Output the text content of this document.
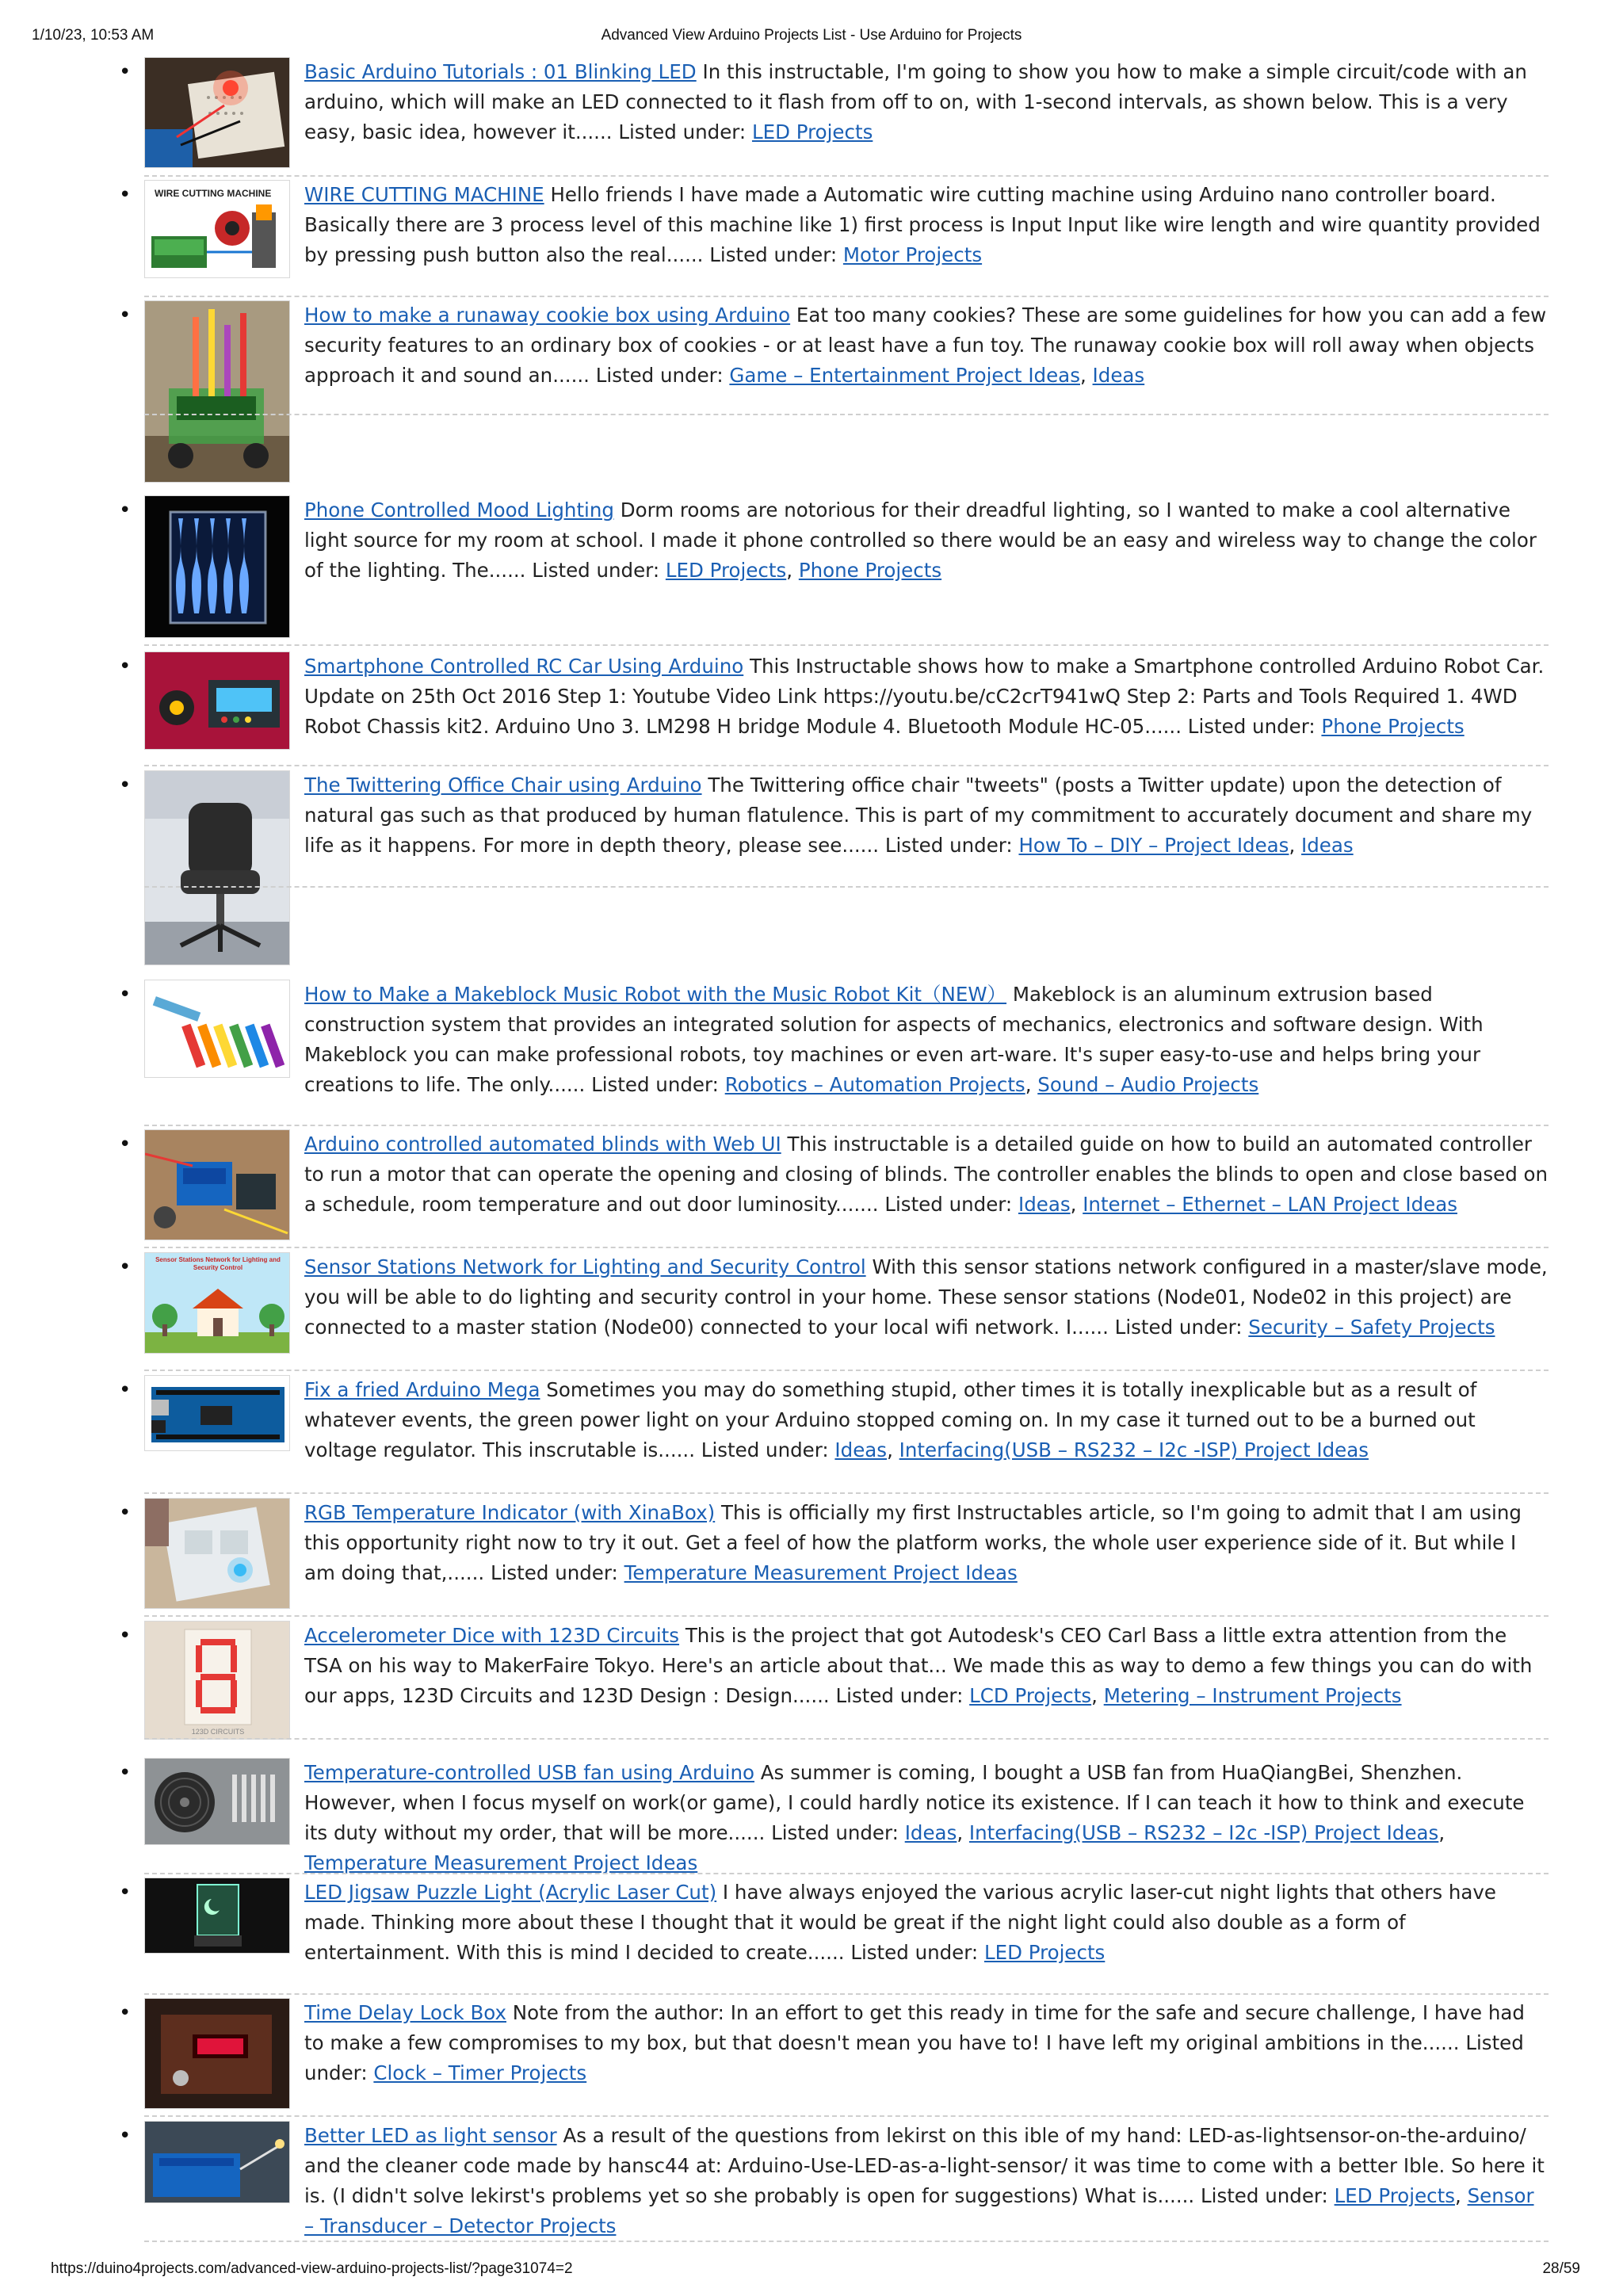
1/10/23, 10:53 AM	Advanced View Arduino Projects List - Use Arduino for Projects
•	Basic Arduino Tutorials : 01 Blinking LED In this instructable, I'm going to show you how to make a simple circuit/code with an arduino, which will make an LED connected to it flash from off to on, with 1-second intervals, as shown below. This is a very easy, basic idea, however it...... Listed under: LED Projects
• WIRE CUTTING MACHINE WIRE CUTTING MACHINE Hello friends I have made a Automatic wire cutting machine using Arduino nano controller board. Basically there are 3 process level of this machine like 1) first process is Input Input like wire length and wire quantity provided by pressing push button also the real...... Listed under: Motor Projects
•	How to make a runaway cookie box using Arduino Eat too many cookies? These are some guidelines for how you can add a few security features to an ordinary box of cookies - or at least have a fun toy. The runaway cookie box will roll away when objects approach it and sound an...... Listed under: Game – Entertainment Project Ideas, Ideas
•	Phone Controlled Mood Lighting Dorm rooms are notorious for their dreadful lighting, so I wanted to make a cool alternative light source for my room at school. I made it phone controlled so there would be an easy and wireless way to change the color of the lighting. The...... Listed under: LED Projects, Phone Projects
•	Smartphone Controlled RC Car Using Arduino This Instructable shows how to make a Smartphone controlled Arduino Robot Car. Update on 25th Oct 2016 Step 1: Youtube Video Link https://youtu.be/cC2crT941wQ Step 2: Parts and Tools Required 1. 4WD Robot Chassis kit2. Arduino Uno 3. LM298 H bridge Module 4. Bluetooth Module HC-05...... Listed under: Phone Projects
•	The Twittering Office Chair using Arduino The Twittering office chair "tweets" (posts a Twitter update) upon the detection of natural gas such as that produced by human flatulence. This is part of my commitment to accurately document and share my life as it happens. For more in depth theory, please see...... Listed under: How To – DIY – Project Ideas, Ideas
•	How to Make a Makeblock Music Robot with the Music Robot Kit（NEW） Makeblock is an aluminum extrusion based construction system that provides an integrated solution for aspects of mechanics, electronics and software design. With Makeblock you can make professional robots, toy machines or even art-ware. It's super easy-to-use and helps bring your creations to life. The only...... Listed under: Robotics – Automation Projects, Sound – Audio Projects
•	Arduino controlled automated blinds with Web UI This instructable is a detailed guide on how to build an automated controller to run a motor that can operate the opening and closing of blinds. The controller enables the blinds to open and close based on a schedule, room temperature and out door luminosity....... Listed under: Ideas, Internet – Ethernet – LAN Project Ideas
•	Sensor Stations Network for Lighting and Security Control	Sensor Stations Network for Lighting and Security Control With this sensor stations network configured in a master/slave mode, you will be able to do lighting and security control in your home. These sensor stations (Node01, Node02 in this project) are connected to a master station (Node00) connected to your local wifi network. I...... Listed under: Security – Safety Projects
•	Fix a fried Arduino Mega Sometimes you may do something stupid, other times it is totally inexplicable but as a result of whatever events, the green power light on your Arduino stopped coming on. In my case it turned out to be a burned out voltage regulator. This inscrutable is...... Listed under: Ideas, Interfacing(USB – RS232 – I2c -ISP) Project Ideas
•	RGB Temperature Indicator (with XinaBox) This is officially my first Instructables article, so I'm going to admit that I am using this opportunity right now to try it out. Get a feel of how the platform works, the whole user experience side of it. But while I am doing that,...... Listed under: Temperature Measurement Project Ideas
•
123D CIRCUITS
Accelerometer Dice with 123D Circuits This is the project that got Autodesk's CEO Carl Bass a little extra attention from the TSA on his way to MakerFaire Tokyo. Here's an article about that... We made this as way to demo a few things you can do with our apps, 123D Circuits and 123D Design : Design...... Listed under: LCD Projects, Metering – Instrument Projects
•	Temperature-controlled USB fan using Arduino As summer is coming, I bought a USB fan from HuaQiangBei, Shenzhen. However, when I focus myself on work(or game), I could hardly notice its existence. If I can teach it how to think and execute its duty without my order, that will be more...... Listed under: Ideas, Interfacing(USB – RS232 – I2c -ISP) Project Ideas, Temperature Measurement Project Ideas
•	LED Jigsaw Puzzle Light (Acrylic Laser Cut) I have always enjoyed the various acrylic laser-cut night lights that others have made. Thinking more about these I thought that it would be great if the night light could also double as a form of entertainment. With this is mind I decided to create...... Listed under: LED Projects
•	Time Delay Lock Box Note from the author: In an effort to get this ready in time for the safe and secure challenge, I have had to make a few compromises to my box, but that doesn't mean you have to! I have left my original ambitions in the...... Listed under: Clock – Timer Projects
•	Better LED as light sensor As a result of the questions from lekirst on this ible of my hand: LED-as-lightsensor-on-the-arduino/ and the cleaner code made by hansc44 at: Arduino-Use-LED-as-a-light-sensor/ it was time to come with a better Ible. So here it is. (I didn't solve lekirst's problems yet so she probably is open for suggestions) What is...... Listed under: LED Projects, Sensor – Transducer – Detector Projects
https://duino4projects.com/advanced-view-arduino-projects-list/?page31074=2	28/59
